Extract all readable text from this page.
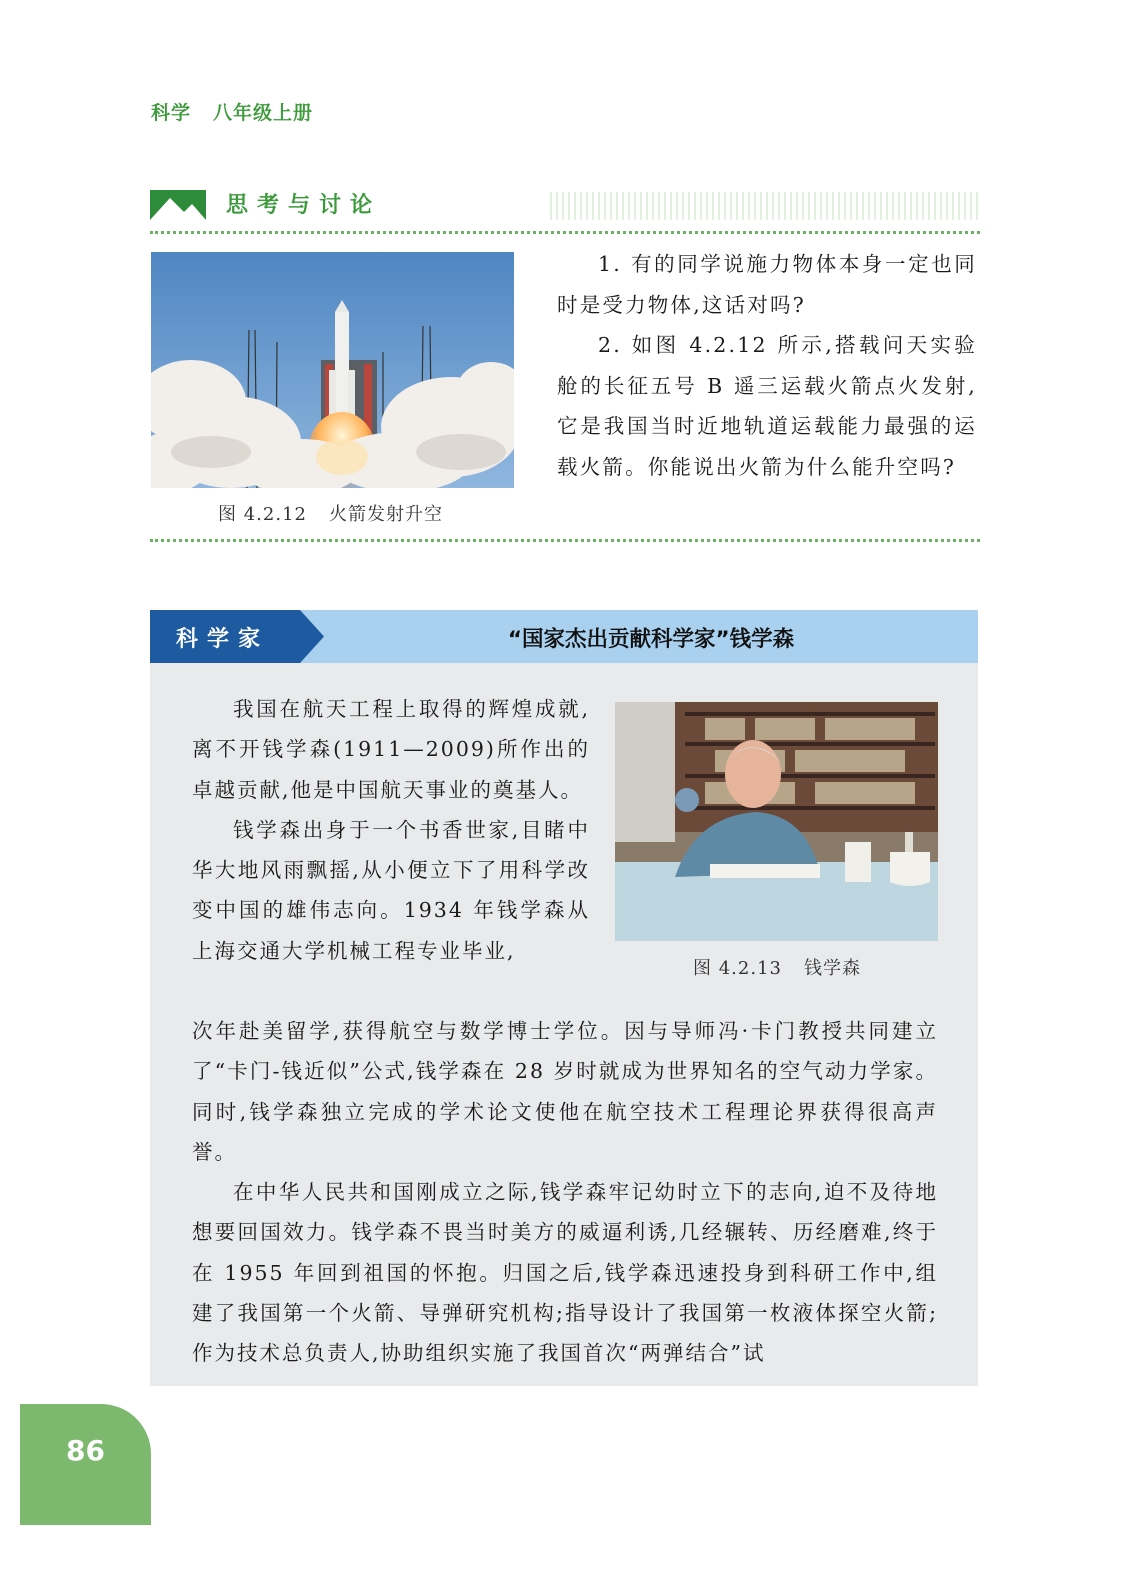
科学 八年级上册
思考与讨论
图 4.2.12 火箭发射升空

1. 有的同学说施力物体本身一定也同时是受力物体,这话对吗?

2. 如图 4.2.12 所示,搭载问天实验舱的长征五号 B 遥三运载火箭点火发射,它是我国当时近地轨道运载能力最强的运载火箭。你能说出火箭为什么能升空吗?

科学家	“国家杰出贡献科学家”钱学森
图 4.2.13 钱学森

我国在航天工程上取得的辉煌成就,离不开钱学森(1911—2009)所作出的卓越贡献,他是中国航天事业的奠基人。

钱学森出身于一个书香世家,目睹中华大地风雨飘摇,从小便立下了用科学改变中国的雄伟志向。1934 年钱学森从上海交通大学机械工程专业毕业,

次年赴美留学,获得航空与数学博士学位。因与导师冯·卡门教授共同建立了“卡门-钱近似”公式,钱学森在 28 岁时就成为世界知名的空气动力学家。同时,钱学森独立完成的学术论文使他在航空技术工程理论界获得很高声誉。

在中华人民共和国刚成立之际,钱学森牢记幼时立下的志向,迫不及待地想要回国效力。钱学森不畏当时美方的威逼利诱,几经辗转、历经磨难,终于在 1955 年回到祖国的怀抱。归国之后,钱学森迅速投身到科研工作中,组建了我国第一个火箭、导弹研究机构;指导设计了我国第一枚液体探空火箭;作为技术总负责人,协助组织实施了我国首次“两弹结合”试

86
